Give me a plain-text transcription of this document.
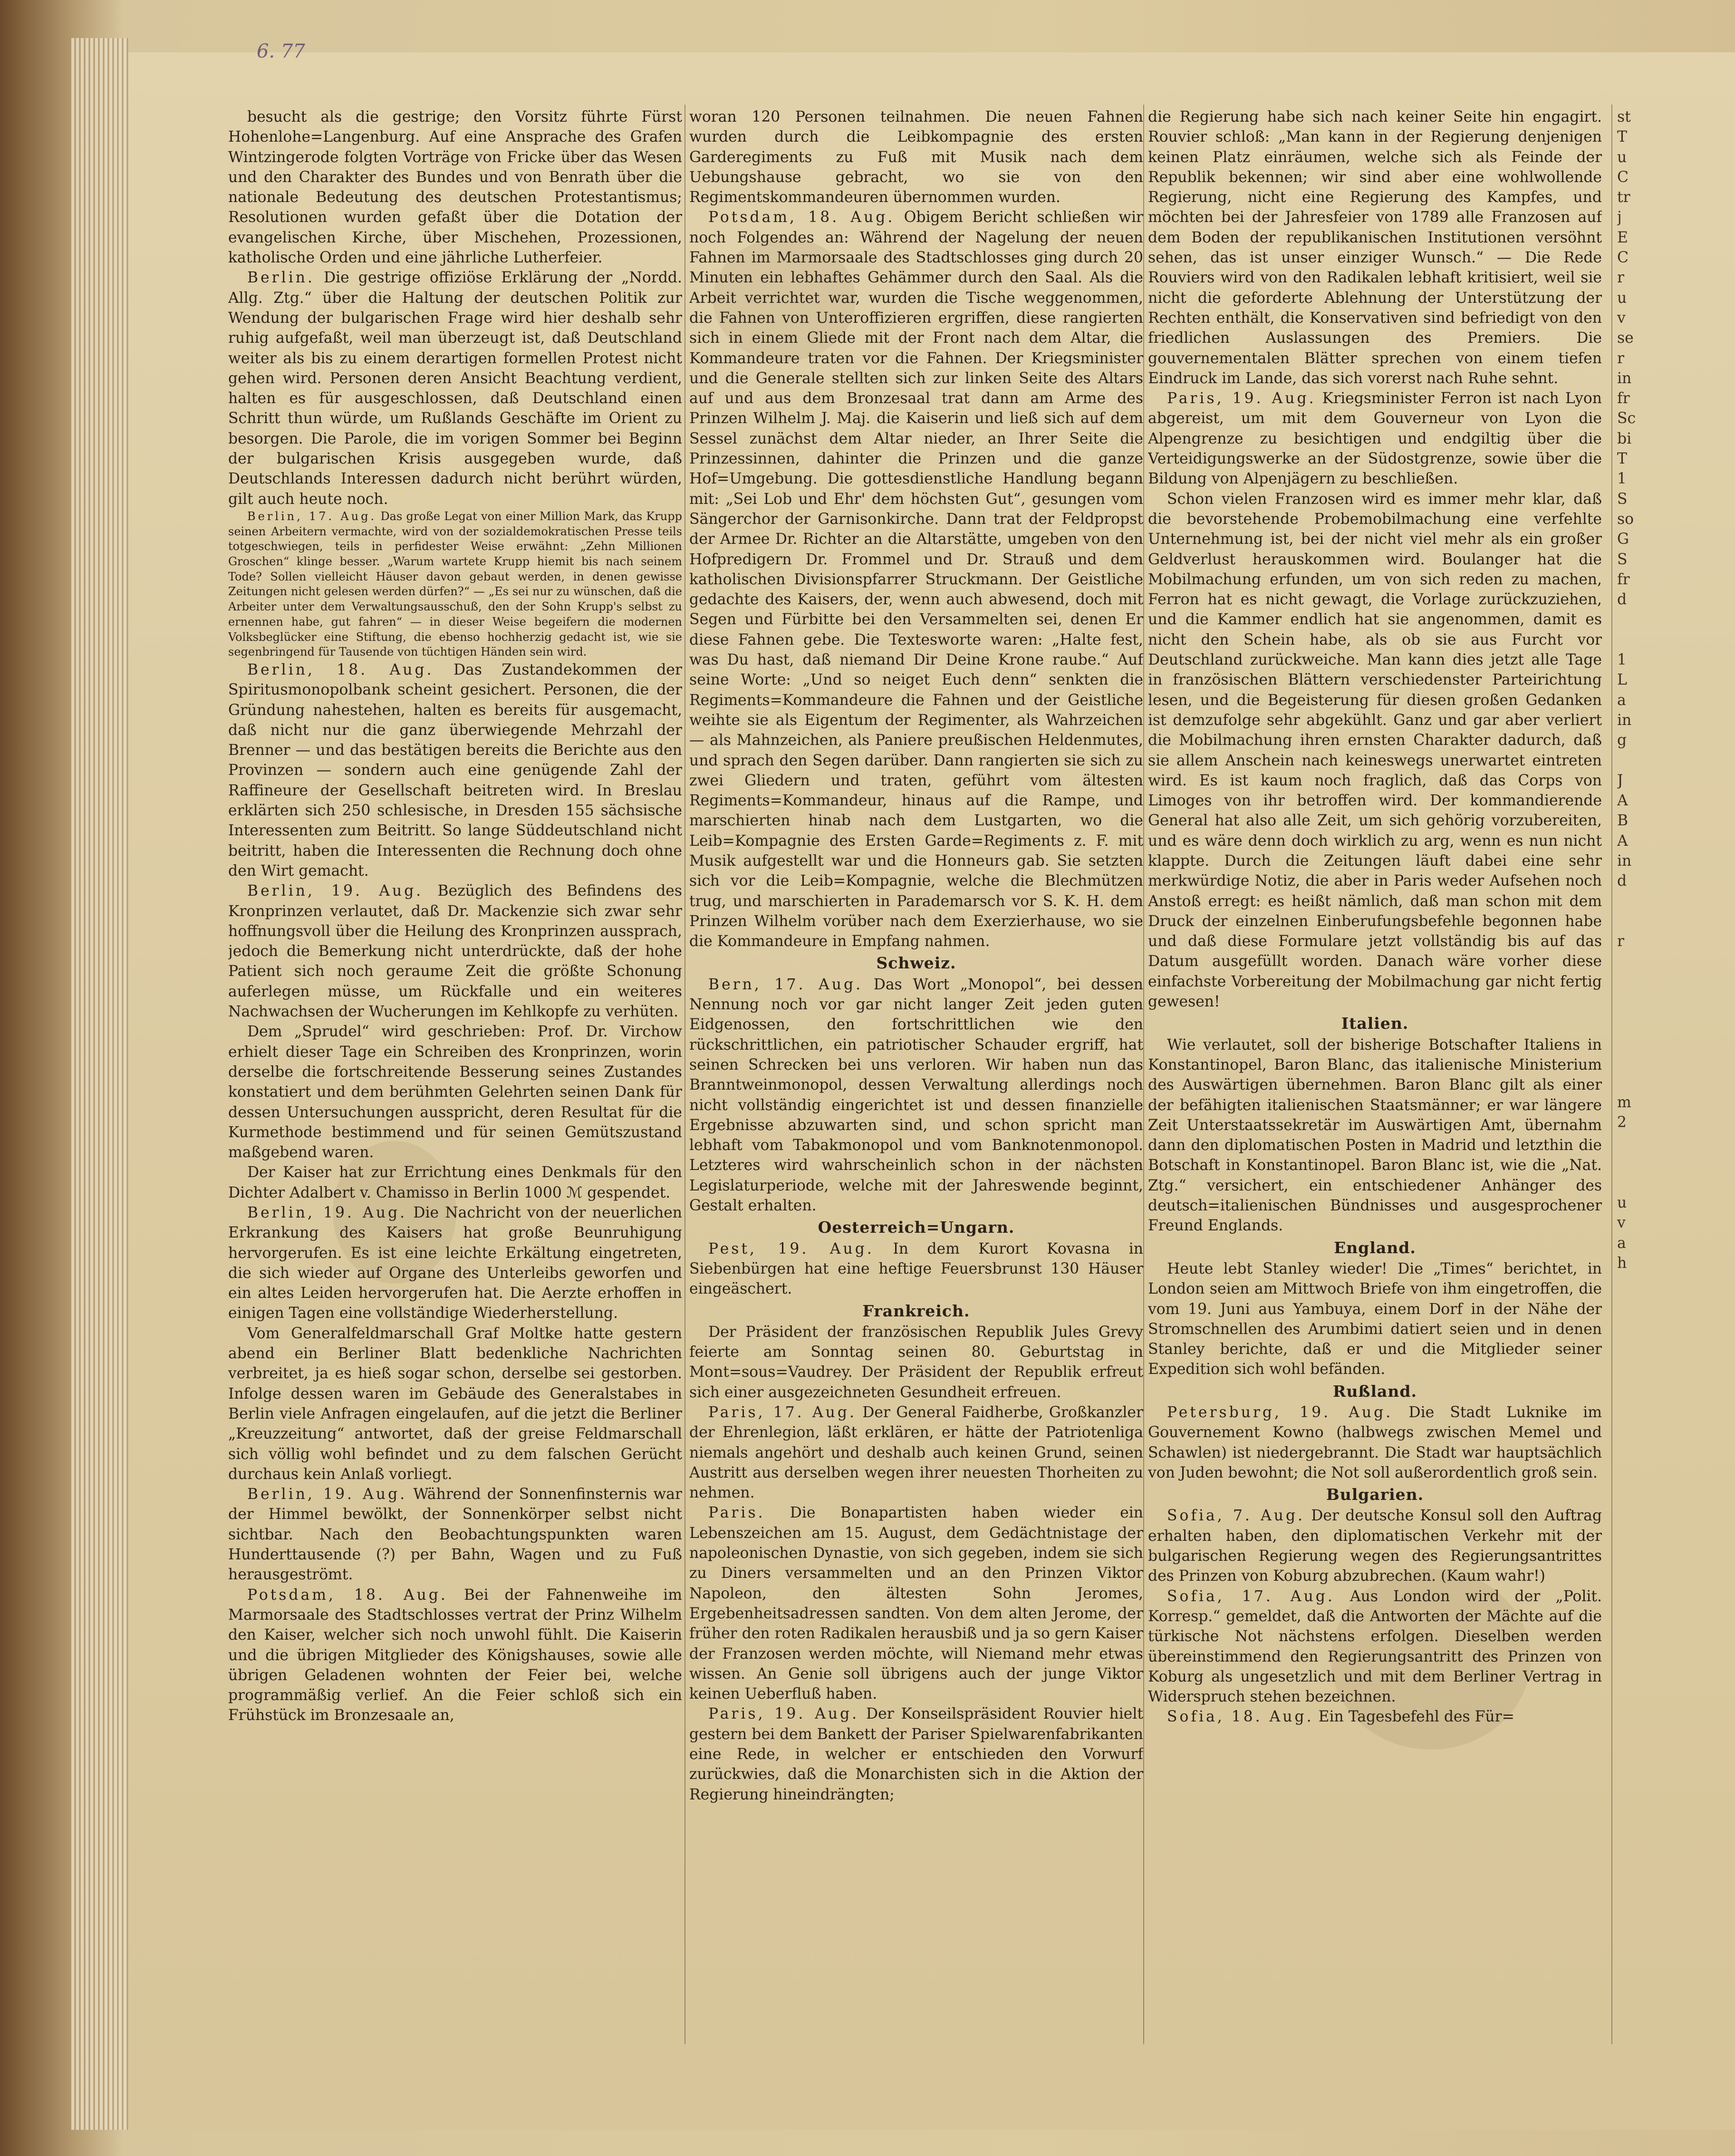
6. 77

besucht als die gestrige; den Vorsitz führte Fürst Hohenlohe=Langenburg. Auf eine Ansprache des Grafen Wintzingerode folgten Vorträge von Fricke über das Wesen und den Charakter des Bundes und von Benrath über die nationale Bedeutung des deutschen Protestantismus; Resolutionen wurden gefaßt über die Dotation der evangelischen Kirche, über Mischehen, Prozessionen, katholische Orden und eine jährliche Lutherfeier.

Berlin. Die gestrige offiziöse Erklärung der „Nordd. Allg. Ztg.“ über die Haltung der deutschen Politik zur Wendung der bulgarischen Frage wird hier deshalb sehr ruhig aufgefaßt, weil man überzeugt ist, daß Deutschland weiter als bis zu einem derartigen formellen Protest nicht gehen wird. Personen deren Ansicht Beachtung verdient, halten es für ausgeschlossen, daß Deutschland einen Schritt thun würde, um Rußlands Geschäfte im Orient zu besorgen. Die Parole, die im vorigen Sommer bei Beginn der bulgarischen Krisis ausgegeben wurde, daß Deutschlands Interessen dadurch nicht berührt würden, gilt auch heute noch.

Berlin, 17. Aug. Das große Legat von einer Million Mark, das Krupp seinen Arbeitern vermachte, wird von der sozialdemokratischen Presse teils totgeschwiegen, teils in perfidester Weise erwähnt: „Zehn Millionen Groschen“ klinge besser. „Warum wartete Krupp hiemit bis nach seinem Tode? Sollen vielleicht Häuser davon gebaut werden, in denen gewisse Zeitungen nicht gelesen werden dürfen?“ — „Es sei nur zu wünschen, daß die Arbeiter unter dem Verwaltungsausschuß, den der Sohn Krupp's selbst zu ernennen habe, gut fahren“ — in dieser Weise begeifern die modernen Volksbeglücker eine Stiftung, die ebenso hochherzig gedacht ist, wie sie segenbringend für Tausende von tüchtigen Händen sein wird.

Berlin, 18. Aug. Das Zustandekommen der Spiritusmonopolbank scheint gesichert. Personen, die der Gründung nahestehen, halten es bereits für ausgemacht, daß nicht nur die ganz überwiegende Mehrzahl der Brenner — und das bestätigen bereits die Berichte aus den Provinzen — sondern auch eine genügende Zahl der Raffineure der Gesellschaft beitreten wird. In Breslau erklärten sich 250 schlesische, in Dresden 155 sächsische Interessenten zum Beitritt. So lange Süddeutschland nicht beitritt, haben die Interessenten die Rechnung doch ohne den Wirt gemacht.

Berlin, 19. Aug. Bezüglich des Befindens des Kronprinzen verlautet, daß Dr. Mackenzie sich zwar sehr hoffnungsvoll über die Heilung des Kronprinzen aussprach, jedoch die Bemerkung nicht unterdrückte, daß der hohe Patient sich noch geraume Zeit die größte Schonung auferlegen müsse, um Rückfalle und ein weiteres Nachwachsen der Wucherungen im Kehlkopfe zu verhüten.

Dem „Sprudel“ wird geschrieben: Prof. Dr. Virchow erhielt dieser Tage ein Schreiben des Kronprinzen, worin derselbe die fortschreitende Besserung seines Zustandes konstatiert und dem berühmten Gelehrten seinen Dank für dessen Untersuchungen ausspricht, deren Resultat für die Kurmethode bestimmend und für seinen Gemütszustand maßgebend waren.

Der Kaiser hat zur Errichtung eines Denkmals für den Dichter Adalbert v. Chamisso in Berlin 1000 ℳ gespendet.

Berlin, 19. Aug. Die Nachricht von der neuerlichen Erkrankung des Kaisers hat große Beunruhigung hervorgerufen. Es ist eine leichte Erkältung eingetreten, die sich wieder auf Organe des Unterleibs geworfen und ein altes Leiden hervorgerufen hat. Die Aerzte erhoffen in einigen Tagen eine vollständige Wiederherstellung.

Vom Generalfeldmarschall Graf Moltke hatte gestern abend ein Berliner Blatt bedenkliche Nachrichten verbreitet, ja es hieß sogar schon, derselbe sei gestorben. Infolge dessen waren im Gebäude des Generalstabes in Berlin viele Anfragen eingelaufen, auf die jetzt die Berliner „Kreuzzeitung“ antwortet, daß der greise Feldmarschall sich völlig wohl befindet und zu dem falschen Gerücht durchaus kein Anlaß vorliegt.

Berlin, 19. Aug. Während der Sonnenfinsternis war der Himmel bewölkt, der Sonnenkörper selbst nicht sichtbar. Nach den Beobachtungspunkten waren Hunderttausende (?) per Bahn, Wagen und zu Fuß herausgeströmt.

Potsdam, 18. Aug. Bei der Fahnenweihe im Marmorsaale des Stadtschlosses vertrat der Prinz Wilhelm den Kaiser, welcher sich noch unwohl fühlt. Die Kaiserin und die übrigen Mitglieder des Königshauses, sowie alle übrigen Geladenen wohnten der Feier bei, welche programmäßig verlief. An die Feier schloß sich ein Frühstück im Bronzesaale an,

woran 120 Personen teilnahmen. Die neuen Fahnen wurden durch die Leibkompagnie des ersten Garderegiments zu Fuß mit Musik nach dem Uebungshause gebracht, wo sie von den Regimentskommandeuren übernommen wurden.

Potsdam, 18. Aug. Obigem Bericht schließen wir noch Folgendes an: Während der Nagelung der neuen Fahnen im Marmorsaale des Stadtschlosses ging durch 20 Minuten ein lebhaftes Gehämmer durch den Saal. Als die Arbeit verrichtet war, wurden die Tische weggenommen, die Fahnen von Unteroffizieren ergriffen, diese rangierten sich in einem Gliede mit der Front nach dem Altar, die Kommandeure traten vor die Fahnen. Der Kriegsminister und die Generale stellten sich zur linken Seite des Altars auf und aus dem Bronzesaal trat dann am Arme des Prinzen Wilhelm J. Maj. die Kaiserin und ließ sich auf dem Sessel zunächst dem Altar nieder, an Ihrer Seite die Prinzessinnen, dahinter die Prinzen und die ganze Hof=Umgebung. Die gottesdienstliche Handlung begann mit: „Sei Lob und Ehr' dem höchsten Gut“, gesungen vom Sängerchor der Garnisonkirche. Dann trat der Feldpropst der Armee Dr. Richter an die Altarstätte, umgeben von den Hofpredigern Dr. Frommel und Dr. Strauß und dem katholischen Divisionspfarrer Struckmann. Der Geistliche gedachte des Kaisers, der, wenn auch abwesend, doch mit Segen und Fürbitte bei den Versammelten sei, denen Er diese Fahnen gebe. Die Textesworte waren: „Halte fest, was Du hast, daß niemand Dir Deine Krone raube.“ Auf seine Worte: „Und so neiget Euch denn“ senkten die Regiments=Kommandeure die Fahnen und der Geistliche weihte sie als Eigentum der Regimenter, als Wahrzeichen — als Mahnzeichen, als Paniere preußischen Heldenmutes, und sprach den Segen darüber. Dann rangierten sie sich zu zwei Gliedern und traten, geführt vom ältesten Regiments=Kommandeur, hinaus auf die Rampe, und marschierten hinab nach dem Lustgarten, wo die Leib=Kompagnie des Ersten Garde=Regiments z. F. mit Musik aufgestellt war und die Honneurs gab. Sie setzten sich vor die Leib=Kompagnie, welche die Blechmützen trug, und marschierten in Parademarsch vor S. K. H. dem Prinzen Wilhelm vorüber nach dem Exerzierhause, wo sie die Kommandeure in Empfang nahmen.

Schweiz.

Bern, 17. Aug. Das Wort „Monopol“, bei dessen Nennung noch vor gar nicht langer Zeit jeden guten Eidgenossen, den fortschrittlichen wie den rückschrittlichen, ein patriotischer Schauder ergriff, hat seinen Schrecken bei uns verloren. Wir haben nun das Branntweinmonopol, dessen Verwaltung allerdings noch nicht vollständig eingerichtet ist und dessen finanzielle Ergebnisse abzuwarten sind, und schon spricht man lebhaft vom Tabakmonopol und vom Banknotenmonopol. Letzteres wird wahrscheinlich schon in der nächsten Legislaturperiode, welche mit der Jahreswende beginnt, Gestalt erhalten.

Oesterreich=Ungarn.

Pest, 19. Aug. In dem Kurort Kovasna in Siebenbürgen hat eine heftige Feuersbrunst 130 Häuser eingeäschert.

Frankreich.

Der Präsident der französischen Republik Jules Grevy feierte am Sonntag seinen 80. Geburtstag in Mont=sous=Vaudrey. Der Präsident der Republik erfreut sich einer ausgezeichneten Gesundheit erfreuen.

Paris, 17. Aug. Der General Faidherbe, Großkanzler der Ehrenlegion, läßt erklären, er hätte der Patriotenliga niemals angehört und deshalb auch keinen Grund, seinen Austritt aus derselben wegen ihrer neuesten Thorheiten zu nehmen.

Paris. Die Bonapartisten haben wieder ein Lebenszeichen am 15. August, dem Gedächtnistage der napoleonischen Dynastie, von sich gegeben, indem sie sich zu Diners versammelten und an den Prinzen Viktor Napoleon, den ältesten Sohn Jeromes, Ergebenheitsadressen sandten. Von dem alten Jerome, der früher den roten Radikalen herausbiß und ja so gern Kaiser der Franzosen werden möchte, will Niemand mehr etwas wissen. An Genie soll übrigens auch der junge Viktor keinen Ueberfluß haben.

Paris, 19. Aug. Der Konseilspräsident Rouvier hielt gestern bei dem Bankett der Pariser Spielwarenfabrikanten eine Rede, in welcher er entschieden den Vorwurf zurückwies, daß die Monarchisten sich in die Aktion der Regierung hineindrängten;

die Regierung habe sich nach keiner Seite hin engagirt. Rouvier schloß: „Man kann in der Regierung denjenigen keinen Platz einräumen, welche sich als Feinde der Republik bekennen; wir sind aber eine wohlwollende Regierung, nicht eine Regierung des Kampfes, und möchten bei der Jahresfeier von 1789 alle Franzosen auf dem Boden der republikanischen Institutionen versöhnt sehen, das ist unser einziger Wunsch.“ — Die Rede Rouviers wird von den Radikalen lebhaft kritisiert, weil sie nicht die geforderte Ablehnung der Unterstützung der Rechten enthält, die Konservativen sind befriedigt von den friedlichen Auslassungen des Premiers. Die gouvernementalen Blätter sprechen von einem tiefen Eindruck im Lande, das sich vorerst nach Ruhe sehnt.

Paris, 19. Aug. Kriegsminister Ferron ist nach Lyon abgereist, um mit dem Gouverneur von Lyon die Alpengrenze zu besichtigen und endgiltig über die Verteidigungswerke an der Südostgrenze, sowie über die Bildung von Alpenjägern zu beschließen.

Schon vielen Franzosen wird es immer mehr klar, daß die bevorstehende Probemobilmachung eine verfehlte Unternehmung ist, bei der nicht viel mehr als ein großer Geldverlust herauskommen wird. Boulanger hat die Mobilmachung erfunden, um von sich reden zu machen, Ferron hat es nicht gewagt, die Vorlage zurückzuziehen, und die Kammer endlich hat sie angenommen, damit es nicht den Schein habe, als ob sie aus Furcht vor Deutschland zurückweiche. Man kann dies jetzt alle Tage in französischen Blättern verschiedenster Parteirichtung lesen, und die Begeisterung für diesen großen Gedanken ist demzufolge sehr abgekühlt. Ganz und gar aber verliert die Mobilmachung ihren ernsten Charakter dadurch, daß sie allem Anschein nach keineswegs unerwartet eintreten wird. Es ist kaum noch fraglich, daß das Corps von Limoges von ihr betroffen wird. Der kommandierende General hat also alle Zeit, um sich gehörig vorzubereiten, und es wäre denn doch wirklich zu arg, wenn es nun nicht klappte. Durch die Zeitungen läuft dabei eine sehr merkwürdige Notiz, die aber in Paris weder Aufsehen noch Anstoß erregt: es heißt nämlich, daß man schon mit dem Druck der einzelnen Einberufungsbefehle begonnen habe und daß diese Formulare jetzt vollständig bis auf das Datum ausgefüllt worden. Danach wäre vorher diese einfachste Vorbereitung der Mobilmachung gar nicht fertig gewesen!

Italien.

Wie verlautet, soll der bisherige Botschafter Italiens in Konstantinopel, Baron Blanc, das italienische Ministerium des Auswärtigen übernehmen. Baron Blanc gilt als einer der befähigten italienischen Staatsmänner; er war längere Zeit Unterstaatssekretär im Auswärtigen Amt, übernahm dann den diplomatischen Posten in Madrid und letzthin die Botschaft in Konstantinopel. Baron Blanc ist, wie die „Nat. Ztg.“ versichert, ein entschiedener Anhänger des deutsch=italienischen Bündnisses und ausgesprochener Freund Englands.

England.

Heute lebt Stanley wieder! Die „Times“ berichtet, in London seien am Mittwoch Briefe von ihm eingetroffen, die vom 19. Juni aus Yambuya, einem Dorf in der Nähe der Stromschnellen des Arumbimi datiert seien und in denen Stanley berichte, daß er und die Mitglieder seiner Expedition sich wohl befänden.

Rußland.

Petersburg, 19. Aug. Die Stadt Luknike im Gouvernement Kowno (halbwegs zwischen Memel und Schawlen) ist niedergebrannt. Die Stadt war hauptsächlich von Juden bewohnt; die Not soll außerordentlich groß sein.

Bulgarien.

Sofia, 7. Aug. Der deutsche Konsul soll den Auftrag erhalten haben, den diplomatischen Verkehr mit der bulgarischen Regierung wegen des Regierungsantrittes des Prinzen von Koburg abzubrechen. (Kaum wahr!)

Sofia, 17. Aug. Aus London wird der „Polit. Korresp.“ gemeldet, daß die Antworten der Mächte auf die türkische Not nächstens erfolgen. Dieselben werden übereinstimmend den Regierungsantritt des Prinzen von Koburg als ungesetzlich und mit dem Berliner Vertrag in Widerspruch stehen bezeichnen.

Sofia, 18. Aug. Ein Tagesbefehl des Für=

st
T
u
C
tr
j
E
C
r
u
v
se
r
in
fr
Sc
bi
T
1
S
so
G
S
fr
d

1
L
a
in
g

J
A
B
A
in
d

r

m
2

u
v
a
h
